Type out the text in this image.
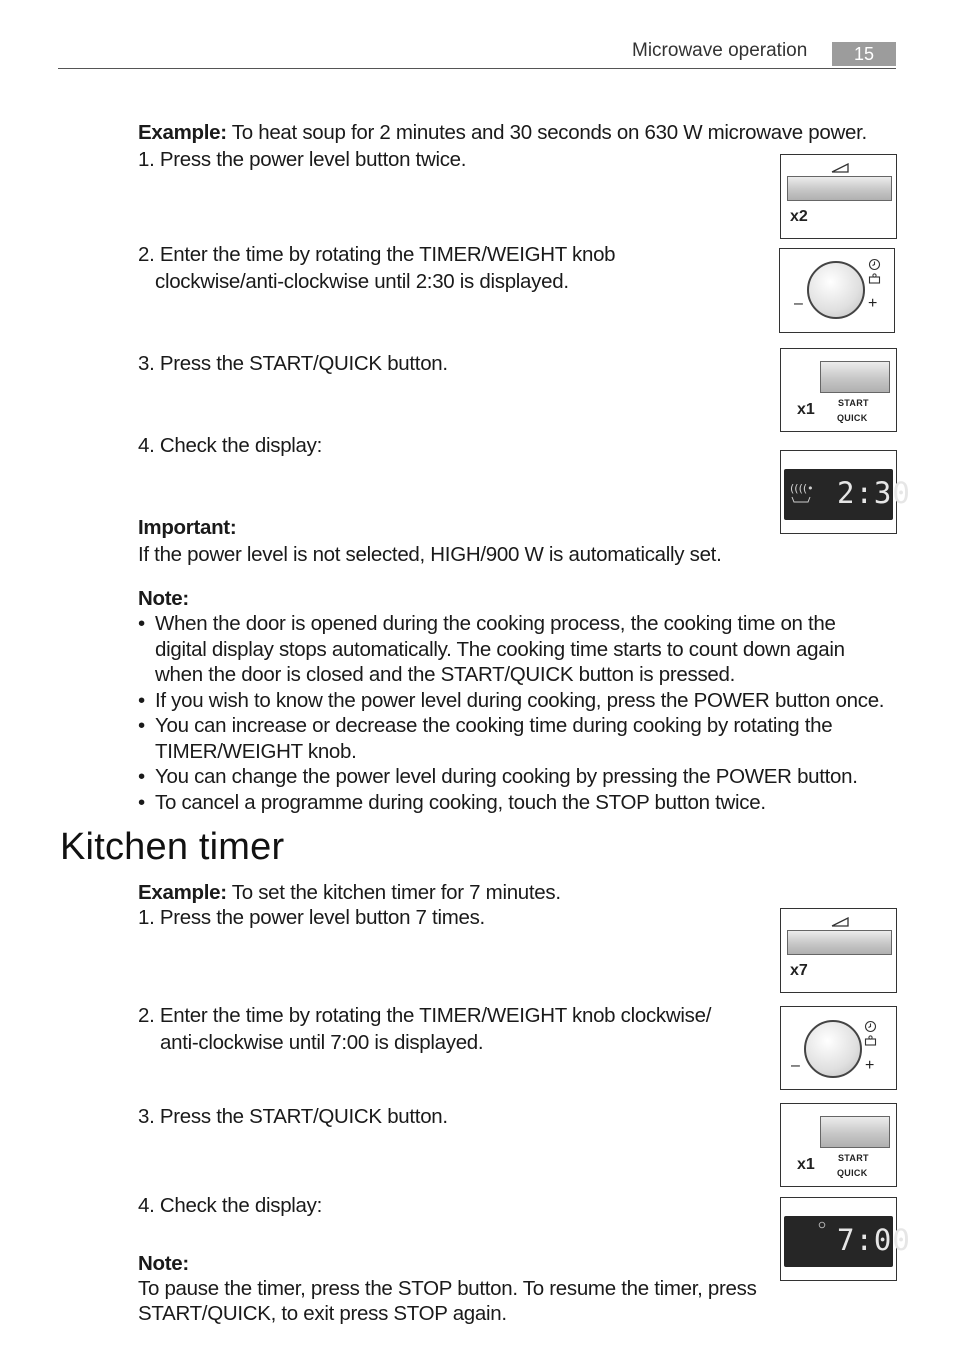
Microwave operation	15
Example: To heat soup for 2 minutes and 30 seconds on 630 W microwave power.
1. Press the power level button twice.
2. Enter the time by rotating the TIMER/WEIGHT knob
clockwise/anti-clockwise until 2:30 is displayed.
3. Press the START/QUICK button.
4. Check the display:
Important:
If the power level is not selected, HIGH/900 W is automatically set.
Note:
• When the door is opened during the cooking process, the cooking time on the
digital display stops automatically. The cooking time starts to count down again
when the door is closed and the START/QUICK button is pressed.
• If you wish to know the power level during cooking, press the POWER button once.
• You can increase or decrease the cooking time during cooking by rotating the
TIMER/WEIGHT knob.
• You can change the power level during cooking by pressing the POWER button.
• To cancel a programme during cooking, touch the STOP button twice.
x2
–	+
x1	START
QUICK
((((• 2:30
Kitchen timer
Example: To set the kitchen timer for 7 minutes.
1. Press the power level button 7 times.
2. Enter the time by rotating the TIMER/WEIGHT knob clockwise/
anti-clockwise until 7:00 is displayed.
3. Press the START/QUICK button.
4. Check the display:
Note:
To pause the timer, press the STOP button. To resume the timer, press
START/QUICK, to exit press STOP again.
x7
–	+
x1	START
QUICK
7:00
